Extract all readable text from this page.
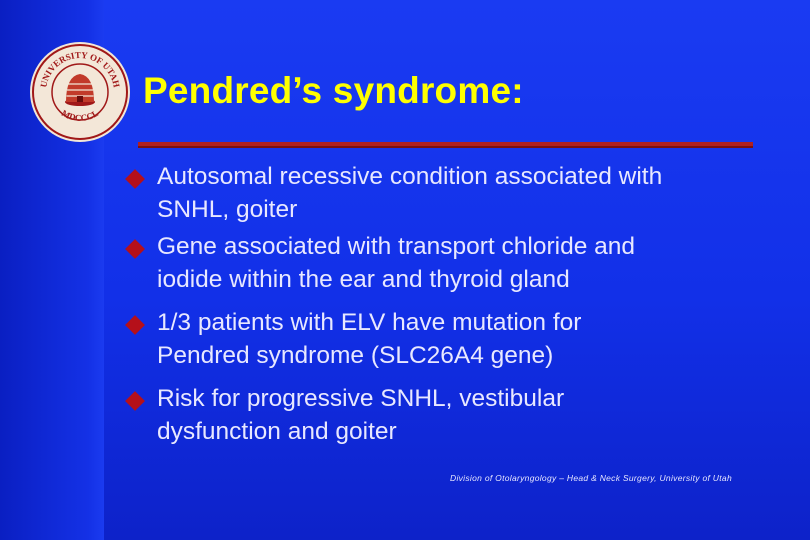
UNIVERSITY OF UTAH
MDCCCL
Pendred’s syndrome:
Autosomal recessive condition associated with
SNHL, goiter
Gene associated with transport chloride and
iodide within the ear and thyroid gland
1/3 patients with ELV have mutation for
Pendred syndrome (SLC26A4 gene)
Risk for progressive SNHL, vestibular
dysfunction and goiter
Division of Otolaryngology – Head & Neck Surgery, University of Utah
